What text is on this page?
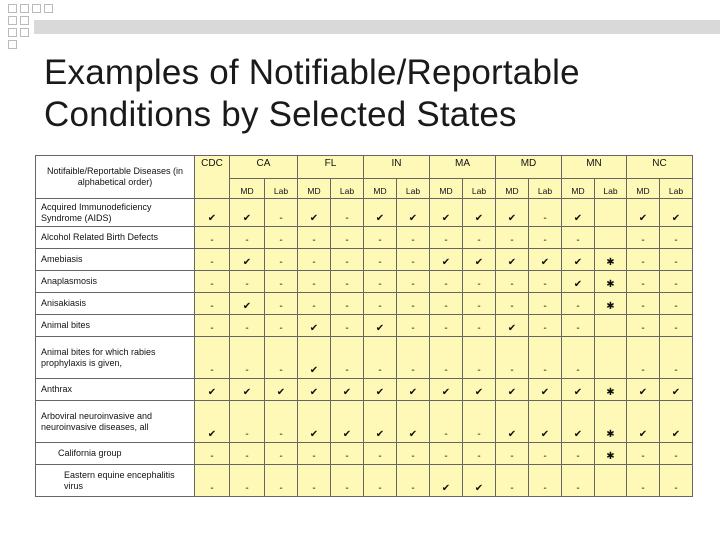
Examples of Notifiable/Reportable Conditions by Selected States
Notifaible/Reportable Diseases (in alphabetical order)	CDC	CA		FL		IN		MA		MD		MN		NC	
		MD	Lab	MD	Lab	MD	Lab	MD	Lab	MD	Lab	MD	Lab	MD	Lab
Acquired Immunodeficiency Syndrome (AIDS)	✔	✔	-	✔	-	✔	✔	✔	✔	✔	-	✔		✔	✔
Alcohol Related Birth Defects	-	-	-	-	-	-	-	-	-	-	-	-		-	-
Amebiasis	-	✔	-	-	-	-	-	✔	✔	✔	✔	✔	✱	-	-
Anaplasmosis	-	-	-	-	-	-	-	-	-	-	-	✔	✱	-	-
Anisakiasis	-	✔	-	-	-	-	-	-	-	-	-	-	✱	-	-
Animal bites	-	-	-	✔	-	✔	-	-	-	✔	-	-		-	-
Animal bites for which rabies prophylaxis is given,	-	-	-	✔	-	-	-	-	-	-	-	-		-	-
Anthrax	✔	✔	✔	✔	✔	✔	✔	✔	✔	✔	✔	✔	✱	✔	✔
Arboviral neuroinvasive and neuroinvasive diseases, all	✔	-	-	✔	✔	✔	✔	-	-	✔	✔	✔	✱	✔	✔
California group	-	-	-	-	-	-	-	-	-	-	-	-	✱	-	-
Eastern equine encephalitis virus	-	-	-	-	-	-	-	✔	✔	-	-	-		-	-
